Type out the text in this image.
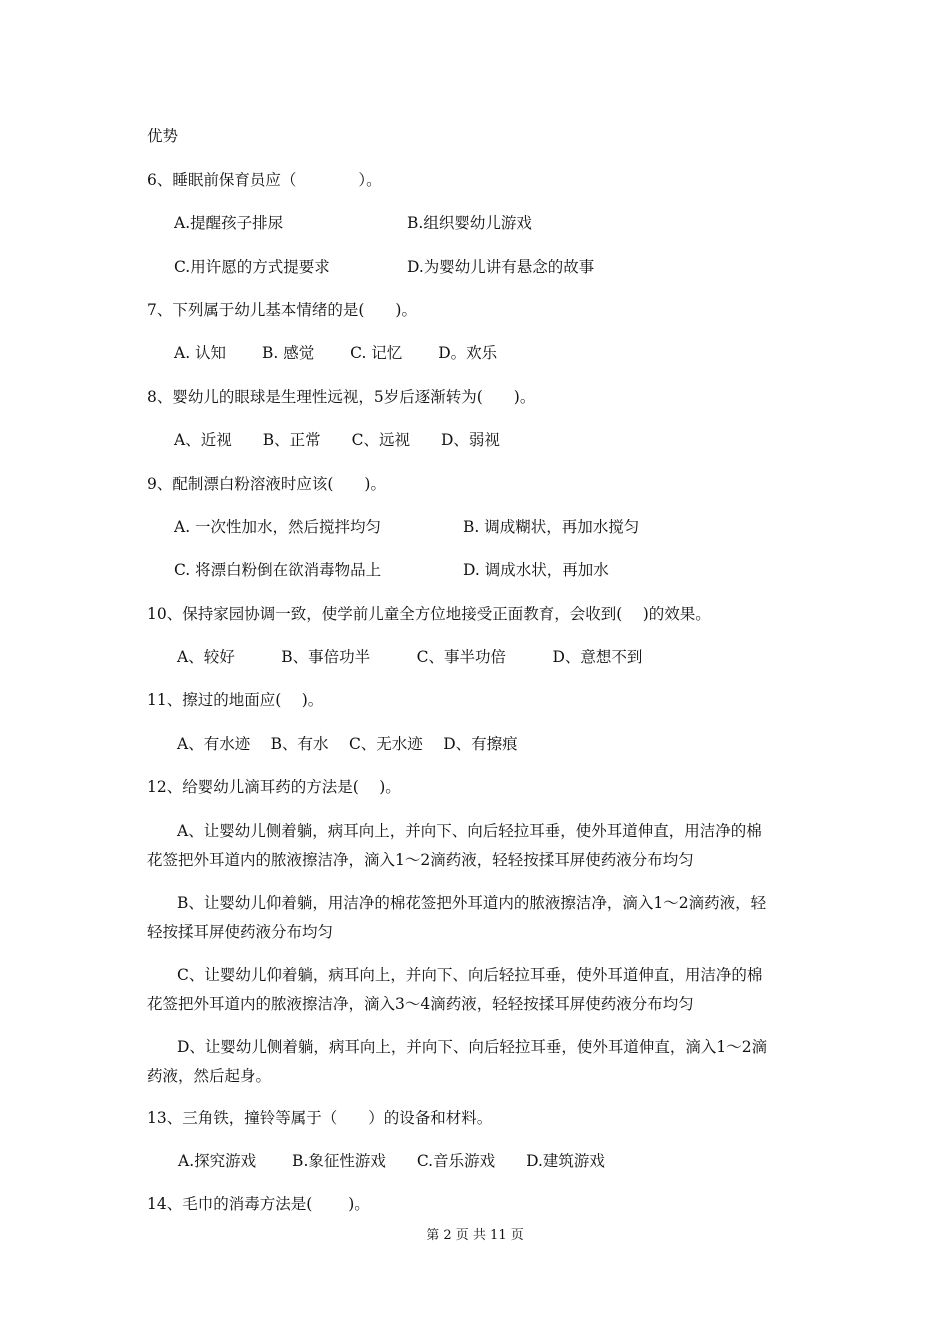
优势

6、睡眠前保育员应（　　　　）。

A.提醒孩子排尿	B.组织婴幼儿游戏

C.用许愿的方式提要求	D.为婴幼儿讲有悬念的故事

7、下列属于幼儿基本情绪的是(　　)。

A. 认知　　 B. 感觉　　 C. 记忆　　 D。欢乐

8、婴幼儿的眼球是生理性远视，5岁后逐渐转为(　　)。

A、近视　　B、正常　　C、远视　　D、弱视

9、配制漂白粉溶液时应该(　　)。

A. 一次性加水，然后搅拌均匀	B. 调成糊状，再加水搅匀

C. 将漂白粉倒在欲消毒物品上	D. 调成水状，再加水

10、保持家园协调一致，使学前儿童全方位地接受正面教育，会收到(　 )的效果。

A、较好　　　B、事倍功半　　　C、事半功倍　　　D、意想不到

11、擦过的地面应(　 )。

A、有水迹　 B、有水　 C、无水迹　 D、有擦痕

12、给婴幼儿滴耳药的方法是(　 )。

A、让婴幼儿侧着躺，病耳向上，并向下、向后轻拉耳垂，使外耳道伸直，用洁净的棉

花签把外耳道内的脓液擦洁净，滴入1～2滴药液，轻轻按揉耳屏使药液分布均匀

B、让婴幼儿仰着躺，用洁净的棉花签把外耳道内的脓液擦洁净，滴入1～2滴药液，轻

轻按揉耳屏使药液分布均匀

C、让婴幼儿仰着躺，病耳向上，并向下、向后轻拉耳垂，使外耳道伸直，用洁净的棉

花签把外耳道内的脓液擦洁净，滴入3～4滴药液，轻轻按揉耳屏使药液分布均匀

D、让婴幼儿侧着躺，病耳向上，并向下、向后轻拉耳垂，使外耳道伸直，滴入1～2滴

药液，然后起身。

13、三角铁，撞铃等属于（　　）的设备和材料。

A.探究游戏　　 B.象征性游戏　　C.音乐游戏　　D.建筑游戏

14、毛巾的消毒方法是(　　 )。

第 2 页 共 11 页
